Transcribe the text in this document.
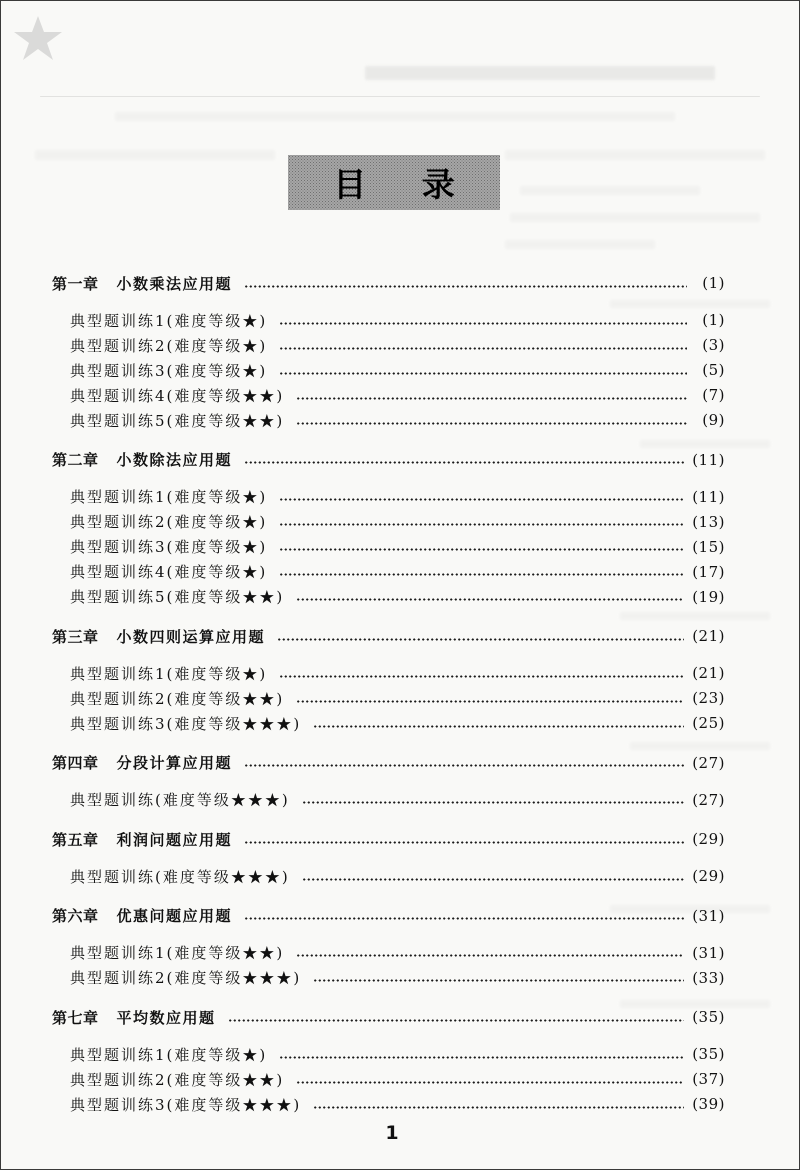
目 录
第一章 小数乘法应用题	(1)
典型题训练1(难度等级★)	(1)
典型题训练2(难度等级★)	(3)
典型题训练3(难度等级★)	(5)
典型题训练4(难度等级★★)	(7)
典型题训练5(难度等级★★)	(9)
第二章 小数除法应用题	(11)
典型题训练1(难度等级★)	(11)
典型题训练2(难度等级★)	(13)
典型题训练3(难度等级★)	(15)
典型题训练4(难度等级★)	(17)
典型题训练5(难度等级★★)	(19)
第三章 小数四则运算应用题	(21)
典型题训练1(难度等级★)	(21)
典型题训练2(难度等级★★)	(23)
典型题训练3(难度等级★★★)	(25)
第四章 分段计算应用题	(27)
典型题训练(难度等级★★★)	(27)
第五章 利润问题应用题	(29)
典型题训练(难度等级★★★)	(29)
第六章 优惠问题应用题	(31)
典型题训练1(难度等级★★)	(31)
典型题训练2(难度等级★★★)	(33)
第七章 平均数应用题	(35)
典型题训练1(难度等级★)	(35)
典型题训练2(难度等级★★)	(37)
典型题训练3(难度等级★★★)	(39)
1
